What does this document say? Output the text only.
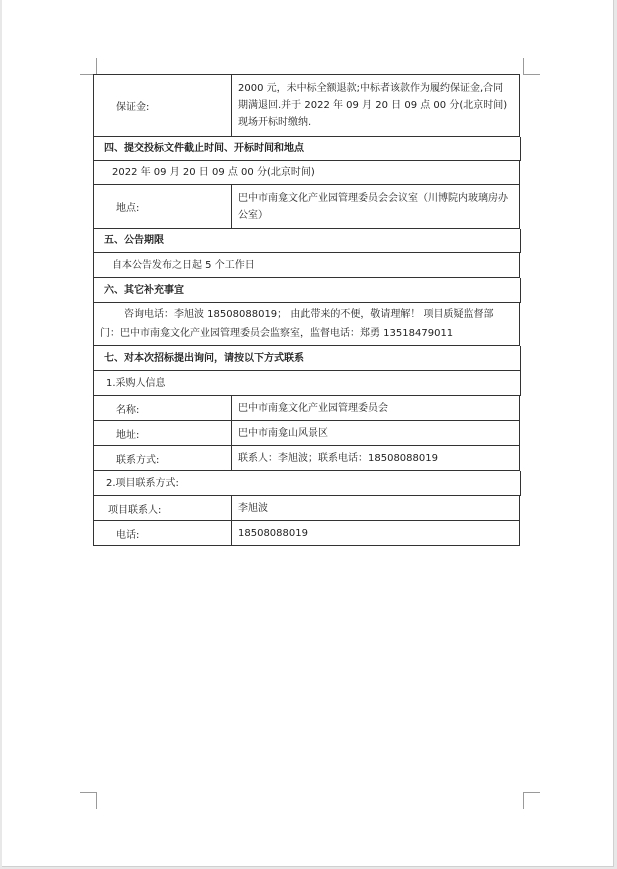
保证金:
2000 元，未中标全额退款;中标者该款作为履约保证金,合同期满退回.并于 2022 年 09 月 20 日 09 点 00 分(北京时间)现场开标时缴纳.
四、提交投标文件截止时间、开标时间和地点
2022 年 09 月 20 日 09 点 00 分(北京时间)
地点:
巴中市南龛文化产业园管理委员会会议室（川博院内玻璃房办公室）
五、公告期限
自本公告发布之日起 5 个工作日
六、其它补充事宜
咨询电话：李旭波 18508088019； 由此带来的不便，敬请理解！ 项目质疑监督部门：巴中市南龛文化产业园管理委员会监察室，监督电话：郑勇 13518479011
七、对本次招标提出询问，请按以下方式联系
1.采购人信息
名称:	巴中市南龛文化产业园管理委员会
地址:	巴中市南龛山风景区
联系方式:	联系人：李旭波；联系电话：18508088019
2.项目联系方式:
项目联系人:	李旭波
电话:	18508088019
